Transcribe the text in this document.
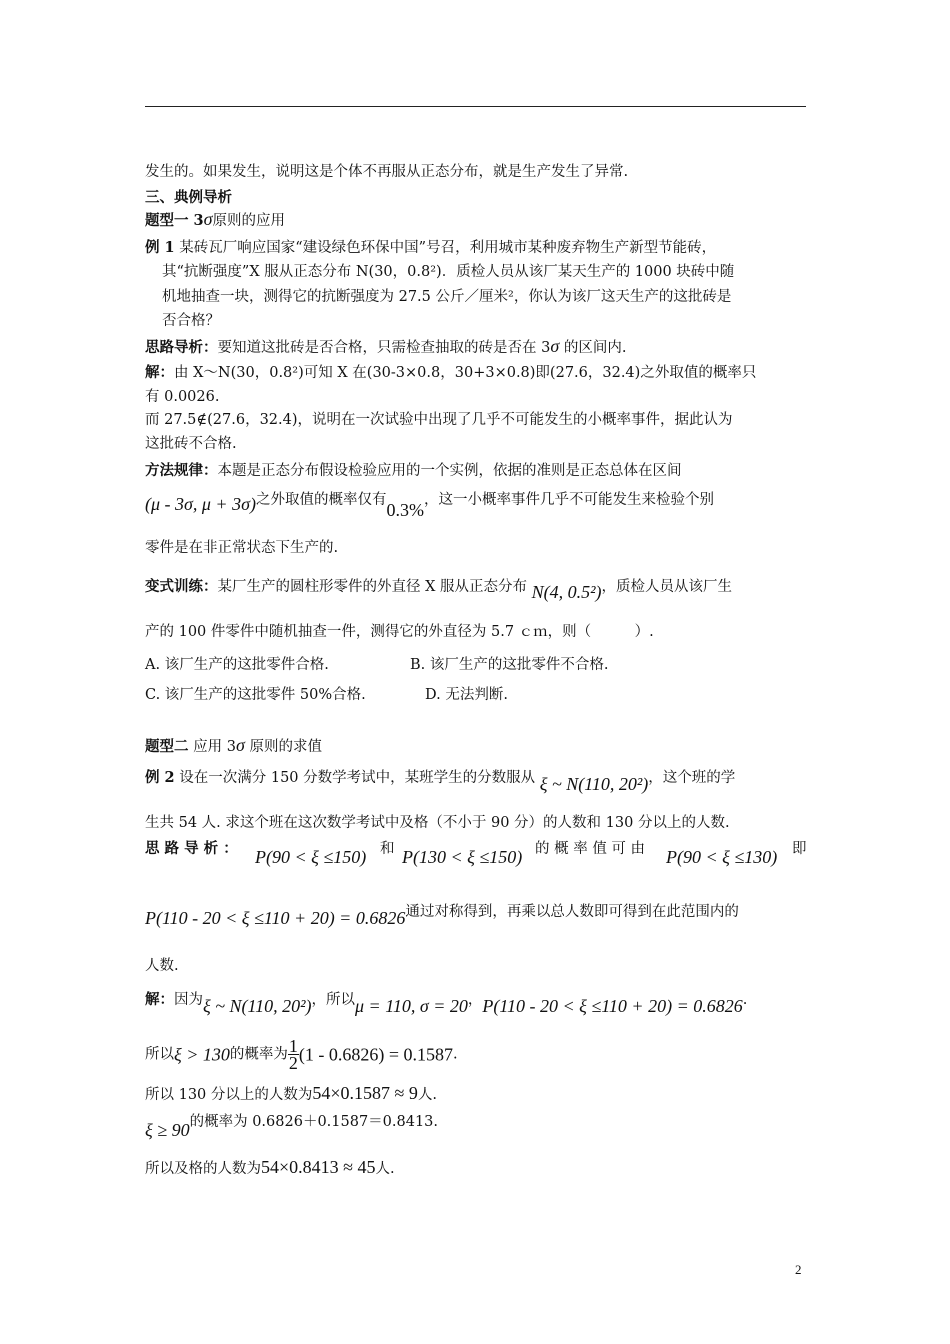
发生的。如果发生，说明这是个体不再服从正态分布，就是生产发生了异常.
三、典例导析
题型一 3σ原则的应用
例 1 某砖瓦厂响应国家“建设绿色环保中国”号召，利用城市某种废弃物生产新型节能砖，
其“抗断强度”X 服从正态分布 N(30，0.8²)．质检人员从该厂某天生产的 1000 块砖中随
机地抽查一块，测得它的抗断强度为 27.5 公斤／厘米²，你认为该厂这天生产的这批砖是
否合格？
思路导析：要知道这批砖是否合格，只需检查抽取的砖是否在 3σ 的区间内.
解：由 X～N(30，0.8²)可知 X 在(30-3×0.8，30+3×0.8)即(27.6，32.4)之外取值的概率只
有 0.0026.
而 27.5∉(27.6，32.4)，说明在一次试验中出现了几乎不可能发生的小概率事件，据此认为
这批砖不合格.
方法规律：本题是正态分布假设检验应用的一个实例，依据的准则是正态总体在区间
(μ - 3σ, μ + 3σ)之外取值的概率仅有0.3%，这一小概率事件几乎不可能发生来检验个别
零件是在非正常状态下生产的.
变式训练：某厂生产的圆柱形零件的外直径 X 服从正态分布 N(4, 0.5²)，质检人员从该厂生
产的 100 件零件中随机抽查一件，测得它的外直径为 5.7 ｃｍ，则（　　　）.
A. 该厂生产的这批零件合格.	B. 该厂生产的这批零件不合格.
C. 该厂生产的这批零件 50%合格.	D. 无法判断.
题型二 应用 3σ 原则的求值
例 2 设在一次满分 150 分数学考试中，某班学生的分数服从 ξ ~ N(110, 20²)，这个班的学
生共 54 人. 求这个班在这次数学考试中及格（不小于 90 分）的人数和 130 分以上的人数.
思 路 导 析 ： P(90 < ξ ≤150) 和 P(130 < ξ ≤150) 的 概 率 值 可 由 P(90 < ξ ≤130) 即
P(110 - 20 < ξ ≤110 + 20) = 0.6826通过对称得到，再乘以总人数即可得到在此范围内的
人数.
解：因为ξ ~ N(110, 20²)，所以μ = 110, σ = 20，P(110 - 20 < ξ ≤110 + 20) = 0.6826.
所以ξ > 130的概率为 $\frac{1}{2} (1 - 0.6826) = 0.1587$.
所以 130 分以上的人数为54×0.1587 ≈ 9人.
ξ ≥ 90的概率为 0.6826＋0.1587＝0.8413.
所以及格的人数为54×0.8413 ≈ 45人.
2
